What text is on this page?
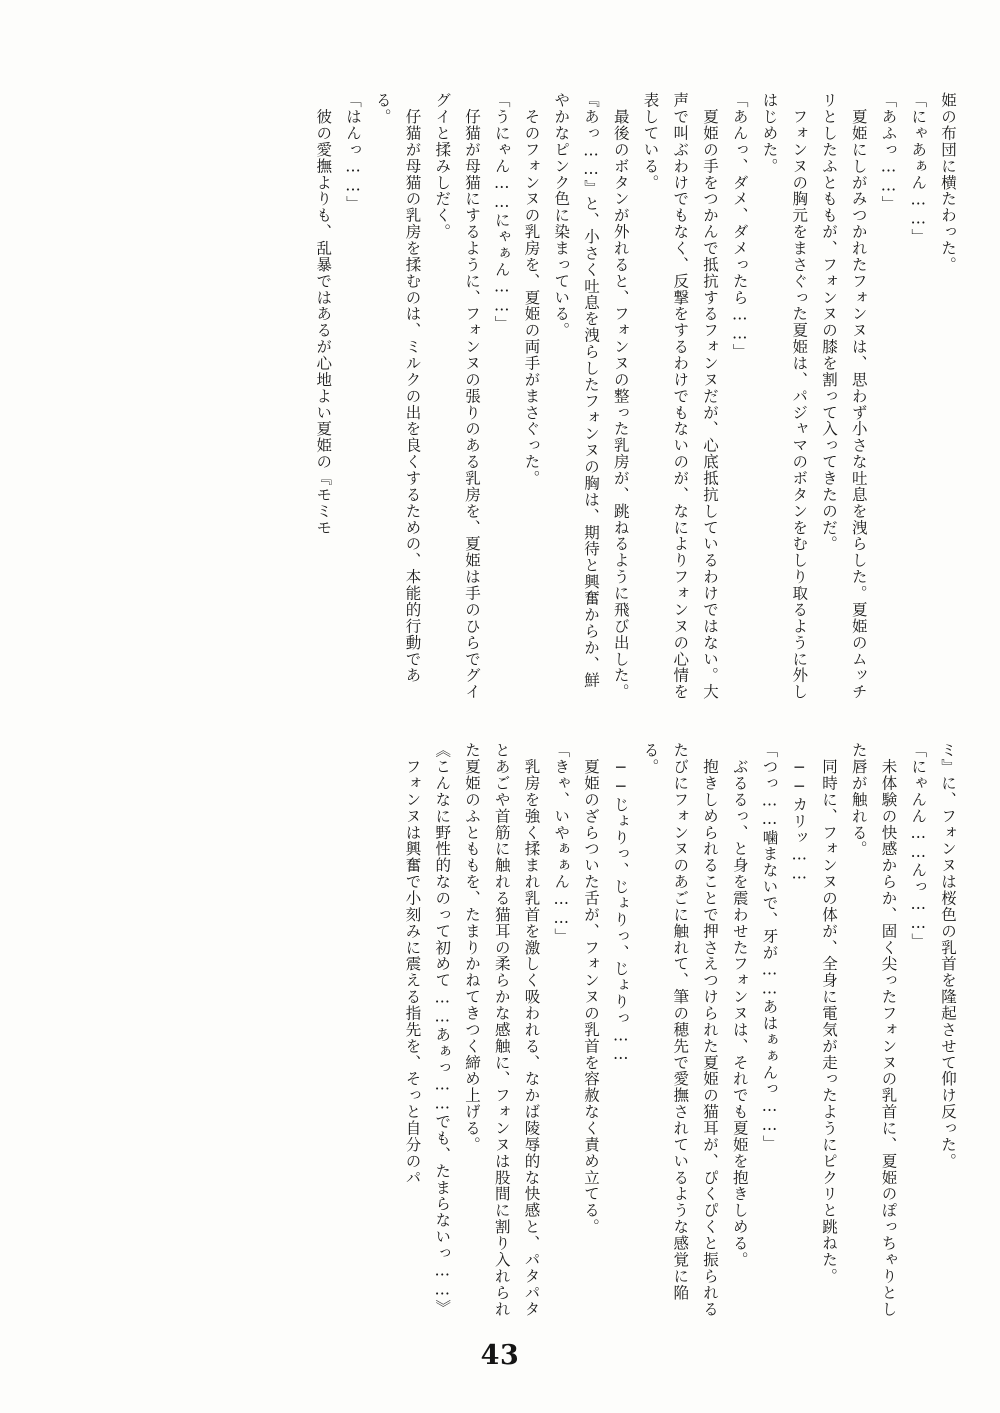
姫の布団に横たわった。

「にゃあぁん……」

「あふっ……」

　夏姫にしがみつかれたフォンヌは、思わず小さな吐息を洩らした。夏姫のムッチリとしたふとももが、フォンヌの膝を割って入ってきたのだ。

　フォンヌの胸元をまさぐった夏姫は、パジャマのボタンをむしり取るように外しはじめた。

「あんっ、ダメ、ダメったら……」

　夏姫の手をつかんで抵抗するフォンヌだが、心底抵抗しているわけではない。大声で叫ぶわけでもなく、反撃をするわけでもないのが、なによりフォンヌの心情を表している。

　最後のボタンが外れると、フォンヌの整った乳房が、跳ねるように飛び出した。

『あっ……』と、小さく吐息を洩らしたフォンヌの胸は、期待と興奮からか、鮮やかなピンク色に染まっている。

　そのフォンヌの乳房を、夏姫の両手がまさぐった。

「うにゃん……にゃぁん……」

　仔猫が母猫にするように、フォンヌの張りのある乳房を、夏姫は手のひらでグイグイと揉みしだく。

　仔猫が母猫の乳房を揉むのは、ミルクの出を良くするための、本能的行動である。

「はんっ……」

　彼の愛撫よりも、乱暴ではあるが心地よい夏姫の『モミモ

ミ』に、フォンヌは桜色の乳首を隆起させて仰け反った。

「にゃんん……んっ……」

　未体験の快感からか、固く尖ったフォンヌの乳首に、夏姫のぽっちゃりとした唇が触れる。

　同時に、フォンヌの体が、全身に電気が走ったようにピクリと跳ねた。

　──カリッ……

「つっ……噛まないで、牙が……あはぁぁんっ……」

　ぶるるっ、と身を震わせたフォンヌは、それでも夏姫を抱きしめる。

　抱きしめられることで押さえつけられた夏姫の猫耳が、ぴくぴくと振られるたびにフォンヌのあごに触れて、筆の穂先で愛撫されているような感覚に陥る。

　──じょりっ、じょりっ、じょりっ……

　夏姫のざらついた舌が、フォンヌの乳首を容赦なく責め立てる。

「きゃ、いやぁぁん……」

　乳房を強く揉まれ乳首を激しく吸われる、なかば陵辱的な快感と、パタパタとあごや首筋に触れる猫耳の柔らかな感触に、フォンヌは股間に割り入れられた夏姫のふとももを、たまりかねてきつく締め上げる。

《こんなに野性的なのって初めて……あぁっ……でも、たまらないっ……》

　フォンヌは興奮で小刻みに震える指先を、そっと自分のパ

43
